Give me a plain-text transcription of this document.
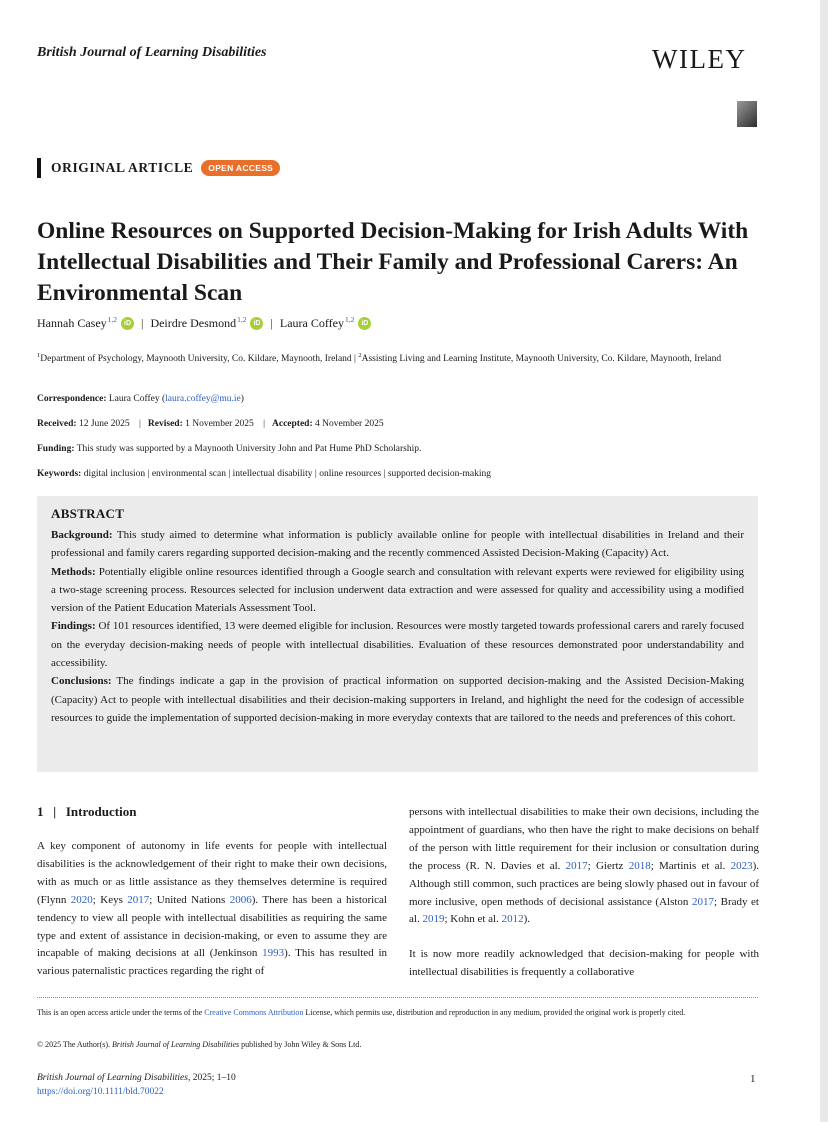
British Journal of Learning Disabilities	WILEY
ORIGINAL ARTICLE	OPEN ACCESS
Online Resources on Supported Decision-Making for Irish Adults With Intellectual Disabilities and Their Family and Professional Carers: An Environmental Scan
Hannah Casey$^{1,2}$	iD | Deirdre Desmond$^{1,2}$	iD | Laura Coffey$^{1,2}$	iD
$^1$Department of Psychology, Maynooth University, Co. Kildare, Maynooth, Ireland | $^2$Assisting Living and Learning Institute, Maynooth University, Co. Kildare, Maynooth, Ireland
Correspondence: Laura Coffey (laura.coffey@mu.ie)
Received: 12 June 2025 | Revised: 1 November 2025 | Accepted: 4 November 2025
Funding: This study was supported by a Maynooth University John and Pat Hume PhD Scholarship.
Keywords: digital inclusion | environmental scan | intellectual disability | online resources | supported decision-making
ABSTRACT

Background: This study aimed to determine what information is publicly available online for people with intellectual disabilities in Ireland and their professional and family carers regarding supported decision-making and the recently commenced Assisted Decision-Making (Capacity) Act.

Methods: Potentially eligible online resources identified through a Google search and consultation with relevant experts were reviewed for eligibility using a two-stage screening process. Resources selected for inclusion underwent data extraction and were assessed for quality and accessibility using a modified version of the Patient Education Materials Assessment Tool.

Findings: Of 101 resources identified, 13 were deemed eligible for inclusion. Resources were mostly targeted towards professional carers and rarely focused on the everyday decision-making needs of people with intellectual disabilities. Evaluation of these resources demonstrated poor understandability and accessibility.

Conclusions: The findings indicate a gap in the provision of practical information on supported decision-making and the Assisted Decision-Making (Capacity) Act to people with intellectual disabilities and their decision-making supporters in Ireland, and highlight the need for the codesign of accessible resources to guide the implementation of supported decision-making in more everyday contexts that are tailored to the needs and preferences of this cohort.

1 | Introduction

A key component of autonomy in life events for people with intellectual disabilities is the acknowledgement of their right to make their own decisions, with as much or as little assistance as they themselves determine is required (Flynn 2020; Keys 2017; United Nations 2006). There has been a historical tendency to view all people with intellectual disabilities as requiring the same type and extent of assistance in decision-making, or even to assume they are incapable of making decisions at all (Jenkinson 1993). This has resulted in various paternalistic practices regarding the right of

persons with intellectual disabilities to make their own decisions, including the appointment of guardians, who then have the right to make decisions on behalf of the person with little requirement for their inclusion or consultation during the process (R. N. Davies et al. 2017; Giertz 2018; Martinis et al. 2023). Although still common, such practices are being slowly phased out in favour of more inclusive, open methods of decisional assistance (Alston 2017; Brady et al. 2019; Kohn et al. 2012).

It is now more readily acknowledged that decision-making for people with intellectual disabilities is frequently a collaborative

This is an open access article under the terms of the Creative Commons Attribution License, which permits use, distribution and reproduction in any medium, provided the original work is properly cited.
© 2025 The Author(s). British Journal of Learning Disabilities published by John Wiley & Sons Ltd.
British Journal of Learning Disabilities, 2025; 1–10
https://doi.org/10.1111/bld.70022
1
